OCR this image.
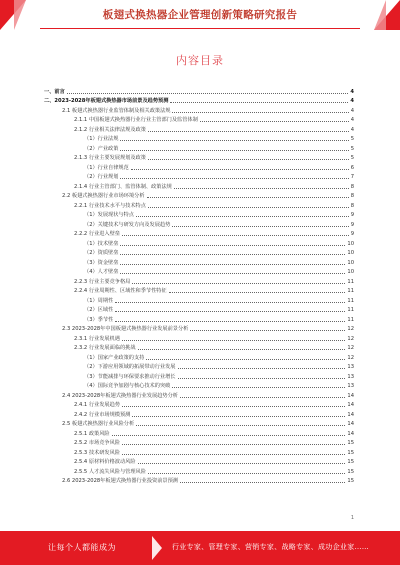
板翅式换热器企业管理创新策略研究报告
内容目录
一、前言	4
二、2023-2028年板翅式换热器市场前景及趋势预测	4
2.1 板翅式换热器行业监管体制及相关政策法规	4
2.1.1 中国板翅式换热器行业行业主管部门及监管体制	4
2.1.2 行业相关法律法规及政策	4
（1）行业法规	5
（2）产业政策	5
2.1.3 行业主要发展规划及政策	5
（1）行业自律规范	6
（2）行业规划	7
2.1.4 行业主管部门、监管体制、政策法规	8
2.2 板翅式换热器行业市场环境分析	8
2.2.1 行业技术水平与技术特点	8
（1）发展现状与特点	9
（2）关键技术与研发方向及发展趋势	9
2.2.2 行业进入壁垒	9
（1）技术壁垒	10
（2）资质壁垒	10
（3）资金壁垒	10
（4）人才壁垒	10
2.2.3 行业主要竞争格局	11
2.2.4 行业周期性、区域性和季节性特征	11
（1）周期性	11
（2）区域性	11
（3）季节性	11
2.3 2023-2028年中国板翅式换热器行业发展前景分析	12
2.3.1 行业发展机遇	12
2.3.2 行业发展面临的挑战	12
（1）国家产业政策的支持	12
（2）下游应用领域的拓展带动行业发展	13
（3）节能减排与环保要求推动行业增长	13
（4）国际竞争加剧与核心技术的突破	13
2.4 2023-2028年板翅式换热器行业发展趋势分析	14
2.4.1 行业发展趋势	14
2.4.2 行业市场规模预测	14
2.5 板翅式换热器行业风险分析	14
2.5.1 政策风险	14
2.5.2 市场竞争风险	15
2.5.3 技术研发风险	15
2.5.4 原材料价格波动风险	15
2.5.5 人才流失风险与管理风险	15
2.6 2023-2028年板翅式换热器行业投资前景预测	15
1
让每个人都能成为	行业专家、管理专家、营销专家、战略专家、成功企业家……
